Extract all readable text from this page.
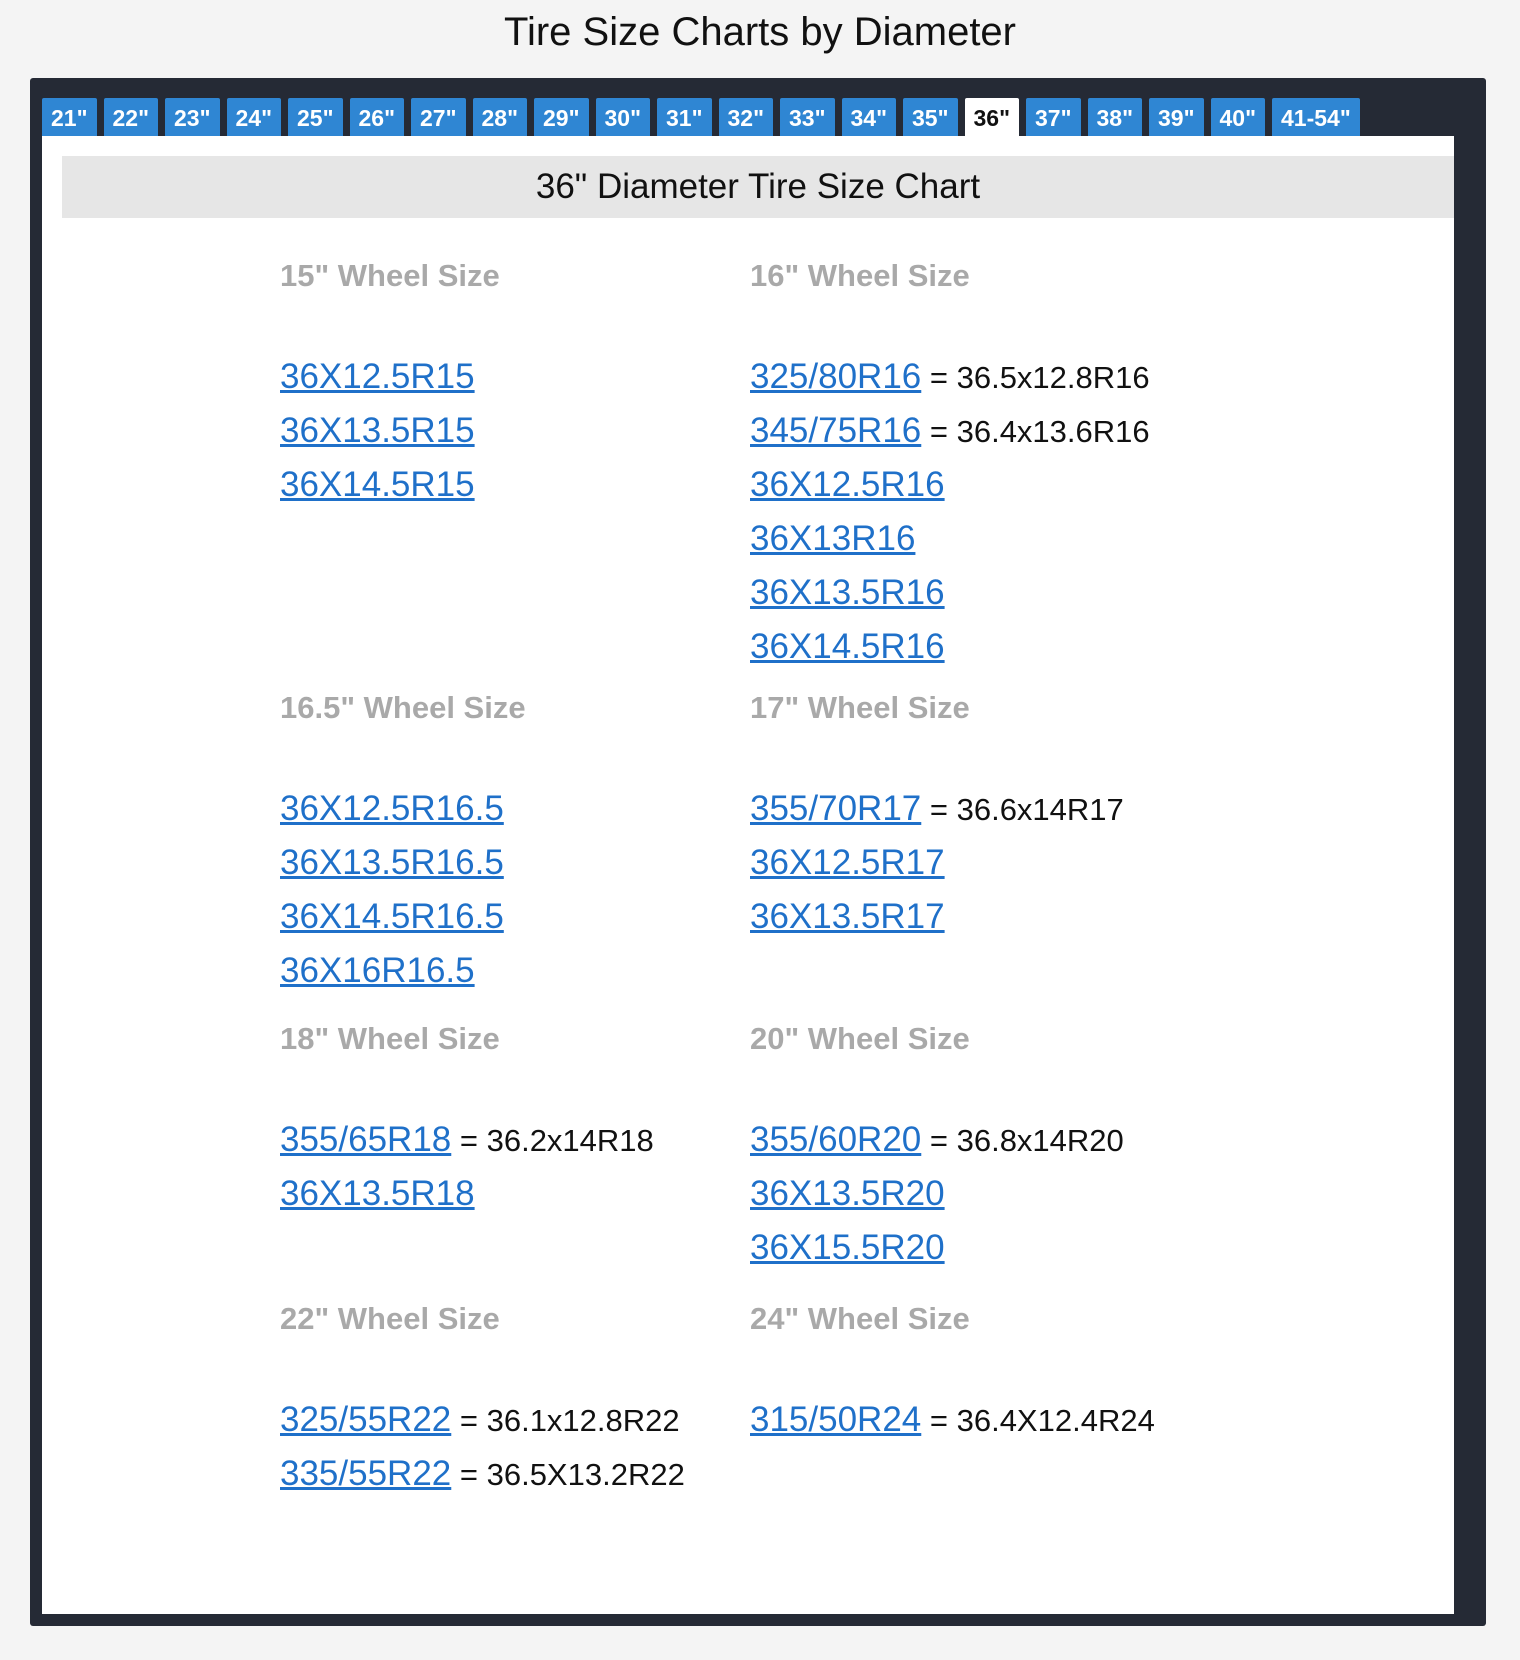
Tire Size Charts by Diameter
21"	22"	23"	24"	25"	26"	27"	28"	29"	30"	31"	32"	33"	34"	35"	36"	37"	38"	39"	40"	41-54"
36" Diameter Tire Size Chart
15" Wheel Size
36X12.5R15
36X13.5R15
36X14.5R15
16" Wheel Size
325/80R16 = 36.5x12.8R16
345/75R16 = 36.4x13.6R16
36X12.5R16
36X13R16
36X13.5R16
36X14.5R16
16.5" Wheel Size
36X12.5R16.5
36X13.5R16.5
36X14.5R16.5
36X16R16.5
17" Wheel Size
355/70R17 = 36.6x14R17
36X12.5R17
36X13.5R17
18" Wheel Size
355/65R18 = 36.2x14R18
36X13.5R18
20" Wheel Size
355/60R20 = 36.8x14R20
36X13.5R20
36X15.5R20
22" Wheel Size
325/55R22 = 36.1x12.8R22
335/55R22 = 36.5X13.2R22
24" Wheel Size
315/50R24 = 36.4X12.4R24
